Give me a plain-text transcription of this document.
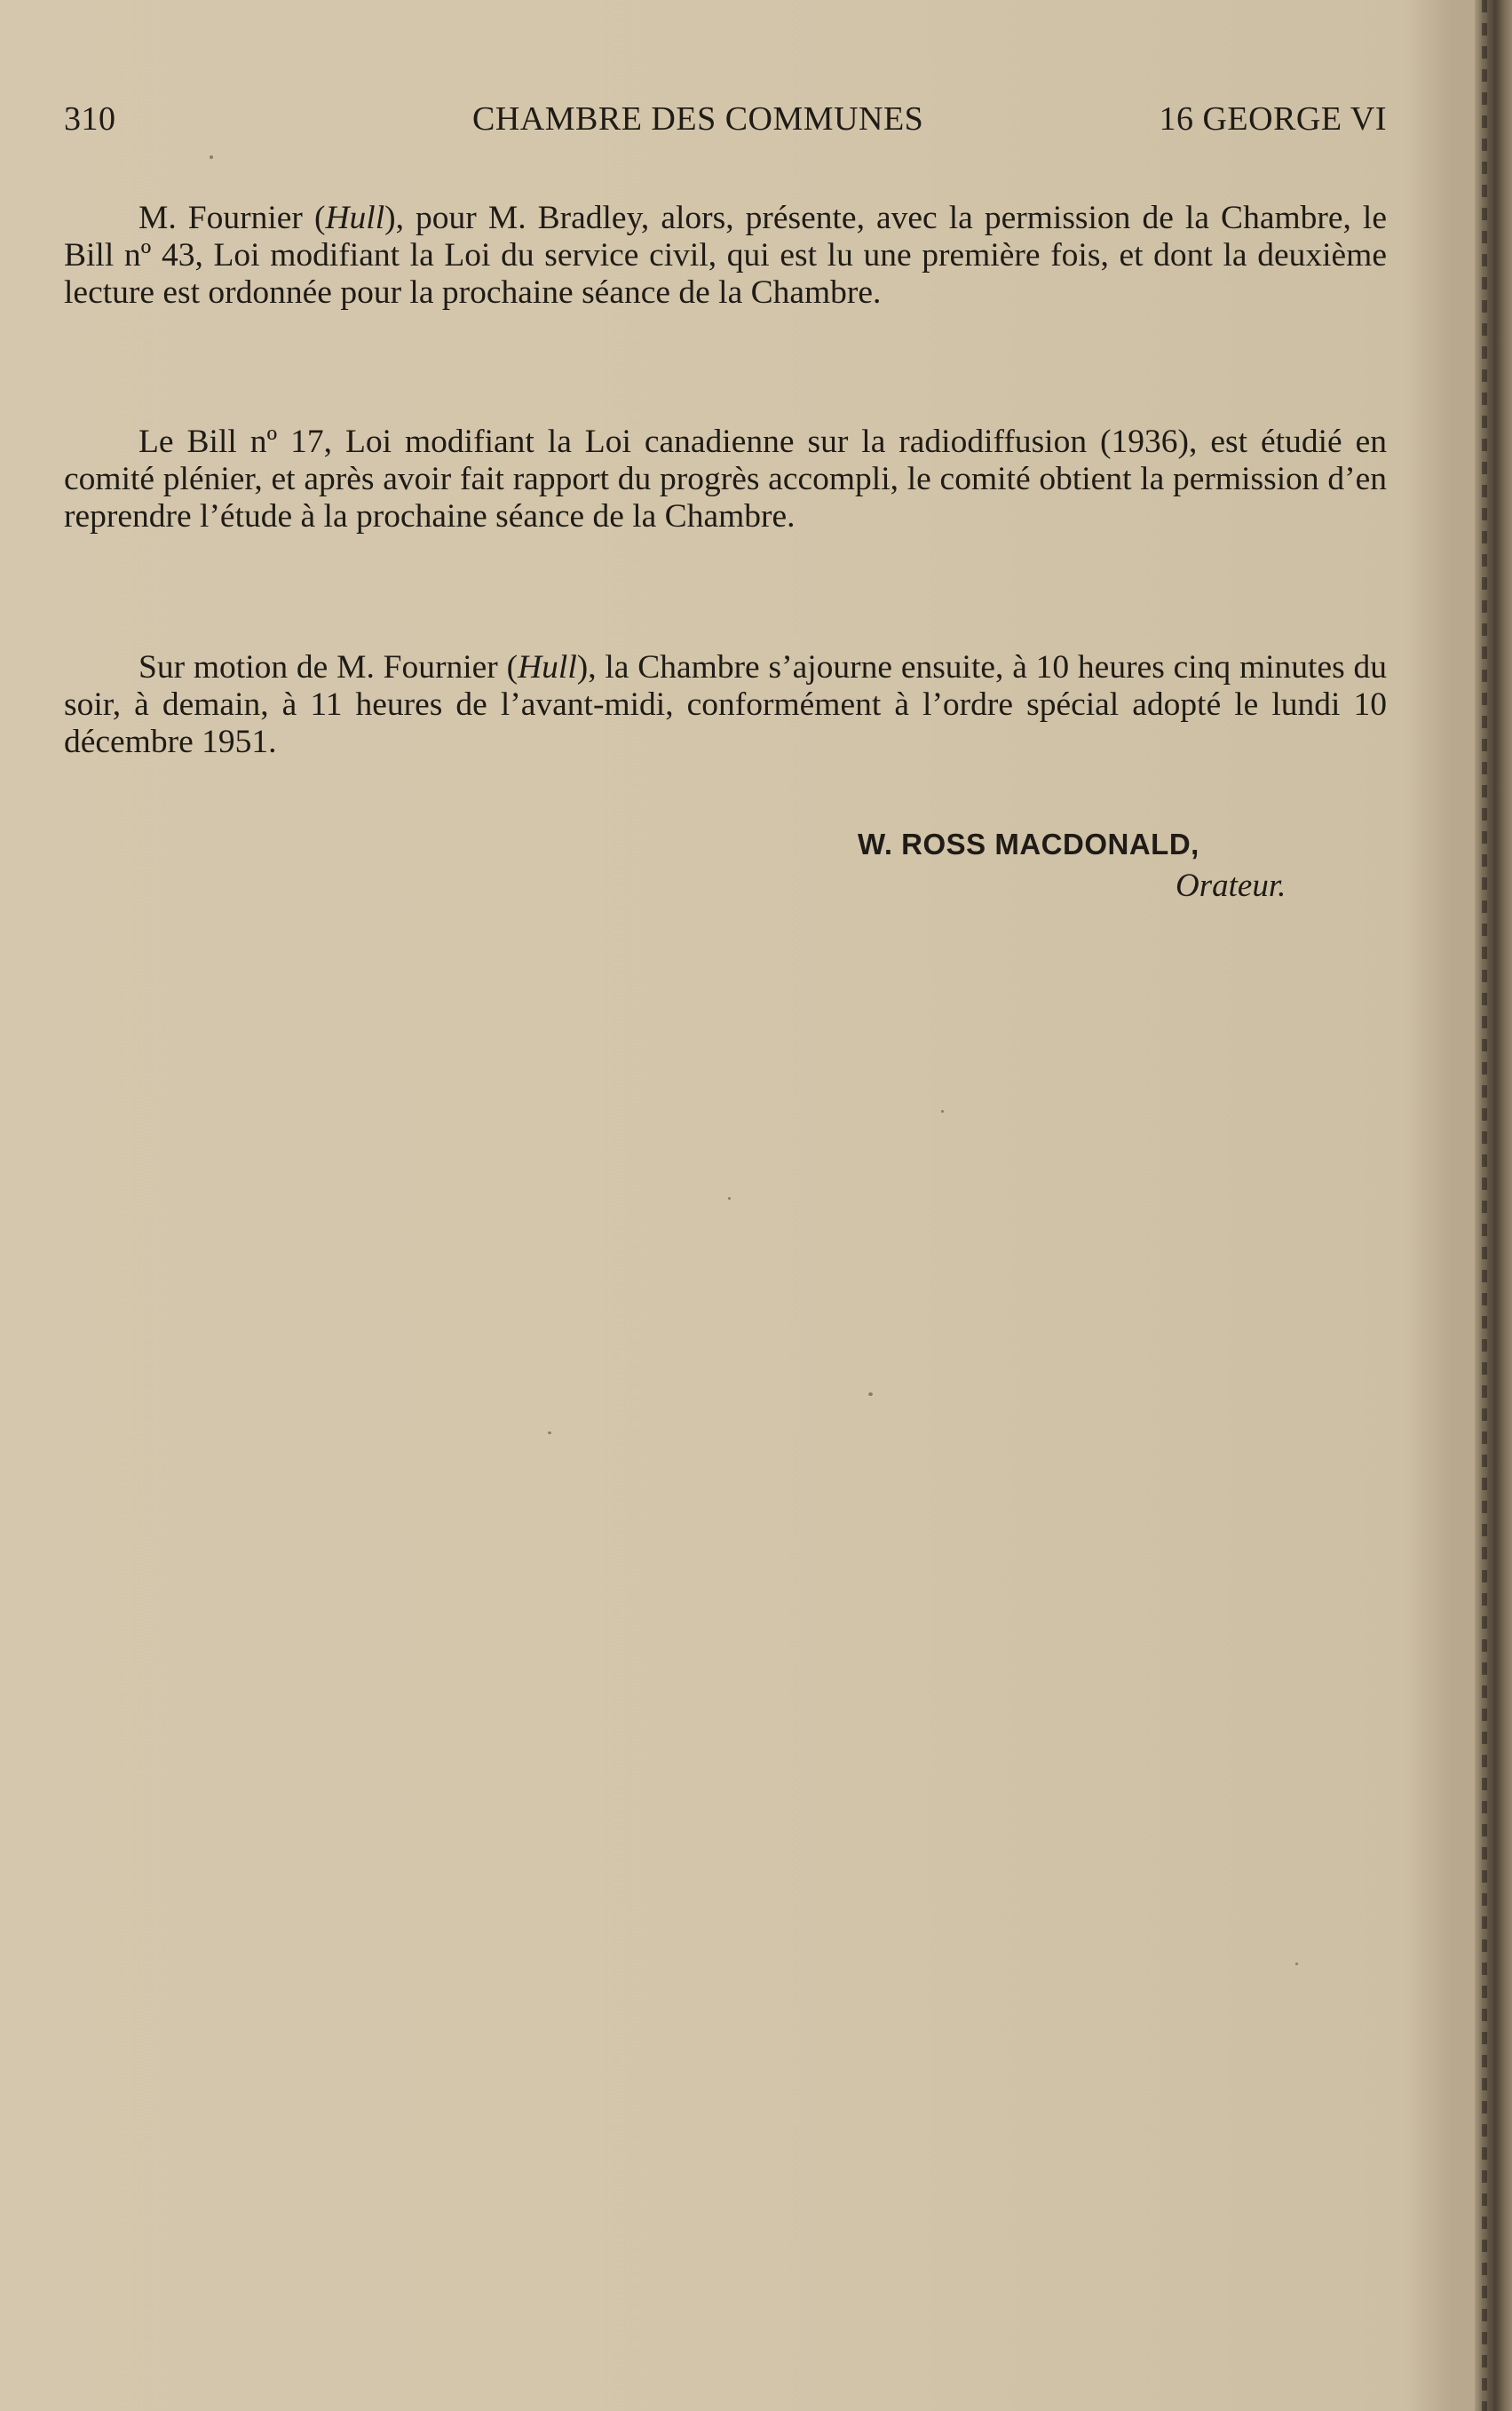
310	CHAMBRE DES COMMUNES	16 GEORGE VI

M. Fournier (Hull), pour M. Bradley, alors, présente, avec la permission de la Chambre, le Bill nº 43, Loi modifiant la Loi du service civil, qui est lu une première fois, et dont la deuxième lecture est ordonnée pour la prochaine séance de la Chambre.

Le Bill nº 17, Loi modifiant la Loi canadienne sur la radiodiffusion (1936), est étudié en comité plénier, et après avoir fait rapport du progrès accompli, le comité obtient la permission d’en reprendre l’étude à la prochaine séance de la Chambre.

Sur motion de M. Fournier (Hull), la Chambre s’ajourne ensuite, à 10 heures cinq minutes du soir, à demain, à 11 heures de l’avant-midi, conformément à l’ordre spécial adopté le lundi 10 décembre 1951.

W. ROSS MACDONALD,
Orateur.
